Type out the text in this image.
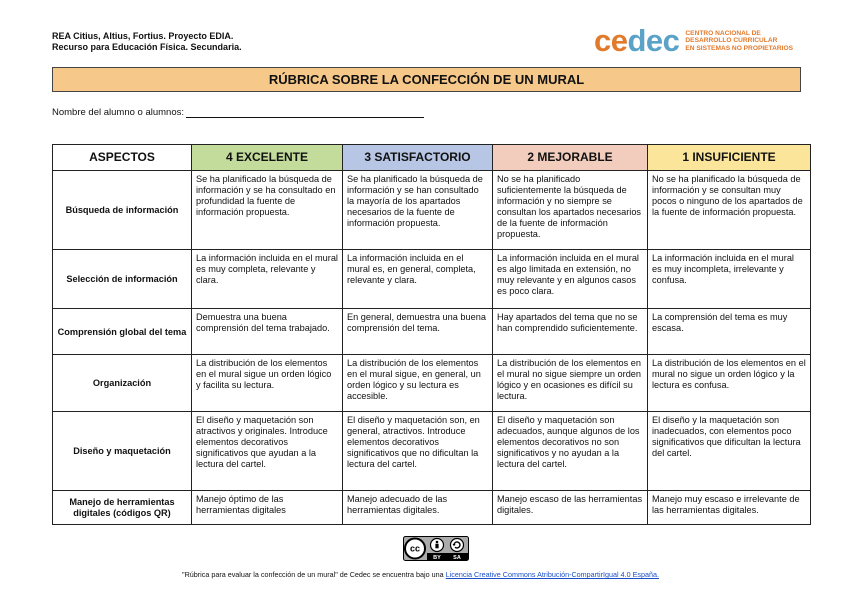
REA Citius, Altius, Fortius. Proyecto EDIA.
Recurso para Educación Física. Secundaria.	cedec CENTRO NACIONAL DE
DESARROLLO CURRICULAR
EN SISTEMAS NO PROPIETARIOS
RÚBRICA SOBRE LA CONFECCIÓN DE UN MURAL
Nombre del alumno o alumnos:
ASPECTOS	4 EXCELENTE	3 SATISFACTORIO	2 MEJORABLE	1 INSUFICIENTE
Búsqueda de información	Se ha planificado la búsqueda de información y se ha consultado en profundidad la fuente de información propuesta.	Se ha planificado la búsqueda de información y se han consultado la mayoría de los apartados necesarios de la fuente de información propuesta.	No se ha planificado suficientemente la búsqueda de información y no siempre se consultan los apartados necesarios de la fuente de información propuesta.	No se ha planificado la búsqueda de información y se consultan muy pocos o ninguno de los apartados de la fuente de información propuesta.
Selección de información	La información incluida en el mural es muy completa, relevante y clara.	La información incluida en el mural es, en general, completa, relevante y clara.	La información incluida en el mural es algo limitada en extensión, no muy relevante y en algunos casos es poco clara.	La información incluida en el mural es muy incompleta, irrelevante y confusa.
Comprensión global del tema	Demuestra una buena comprensión del tema trabajado.	En general, demuestra una buena comprensión del tema.	Hay apartados del tema que no se han comprendido suficientemente.	La comprensión del tema es muy escasa.
Organización	La distribución de los elementos en el mural sigue un orden lógico y facilita su lectura.	La distribución de los elementos en el mural sigue, en general, un orden lógico y su lectura es accesible.	La distribución de los elementos en el mural no sigue siempre un orden lógico y en ocasiones es difícil su lectura.	La distribución de los elementos en el mural no sigue un orden lógico y la lectura es confusa.
Diseño y maquetación	El diseño y maquetación son atractivos y originales. Introduce elementos decorativos significativos que ayudan a la lectura del cartel.	El diseño y maquetación son, en general, atractivos. Introduce elementos decorativos significativos que no dificultan la lectura del cartel.	El diseño y maquetación son adecuados, aunque algunos de los elementos decorativos no son significativos y no ayudan a la lectura del cartel.	El diseño y la maquetación son inadecuados, con elementos poco significativos que dificultan la lectura del cartel.
Manejo de herramientas digitales (códigos QR)	Manejo óptimo de las herramientas digitales	Manejo adecuado de las herramientas digitales.	Manejo escaso de las herramientas digitales.	Manejo muy escaso e irrelevante de las herramientas digitales.
cc
BY SA
"Rúbrica para evaluar la confección de un mural" de Cedec se encuentra bajo una Licencia Creative Commons Atribución-CompartirIgual 4.0 España.
